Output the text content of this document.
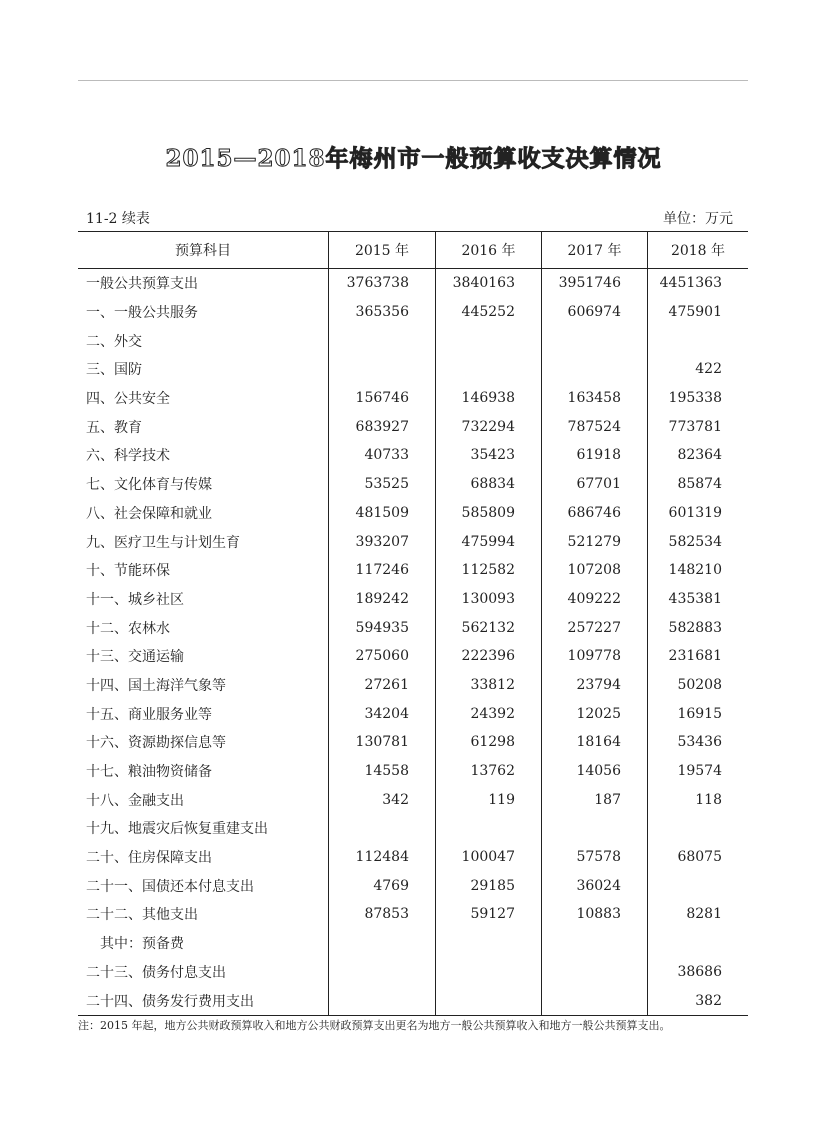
2015—2018年梅州市一般预算收支决算情况
11-2 续表	单位：万元
预算科目	2015 年	2016 年	2017 年	2018 年
一般公共预算支出	3763738	3840163	3951746	4451363
一、一般公共服务	365356	445252	606974	475901
二、外交				
三、国防				422
四、公共安全	156746	146938	163458	195338
五、教育	683927	732294	787524	773781
六、科学技术	40733	35423	61918	82364
七、文化体育与传媒	53525	68834	67701	85874
八、社会保障和就业	481509	585809	686746	601319
九、医疗卫生与计划生育	393207	475994	521279	582534
十、节能环保	117246	112582	107208	148210
十一、城乡社区	189242	130093	409222	435381
十二、农林水	594935	562132	257227	582883
十三、交通运输	275060	222396	109778	231681
十四、国土海洋气象等	27261	33812	23794	50208
十五、商业服务业等	34204	24392	12025	16915
十六、资源勘探信息等	130781	61298	18164	53436
十七、粮油物资储备	14558	13762	14056	19574
十八、金融支出	342	119	187	118
十九、地震灾后恢复重建支出				
二十、住房保障支出	112484	100047	57578	68075
二十一、国债还本付息支出	4769	29185	36024	
二十二、其他支出	87853	59127	10883	8281
　其中：预备费				
二十三、债务付息支出				38686
二十四、债务发行费用支出				382
注：2015 年起，地方公共财政预算收入和地方公共财政预算支出更名为地方一般公共预算收入和地方一般公共预算支出。
